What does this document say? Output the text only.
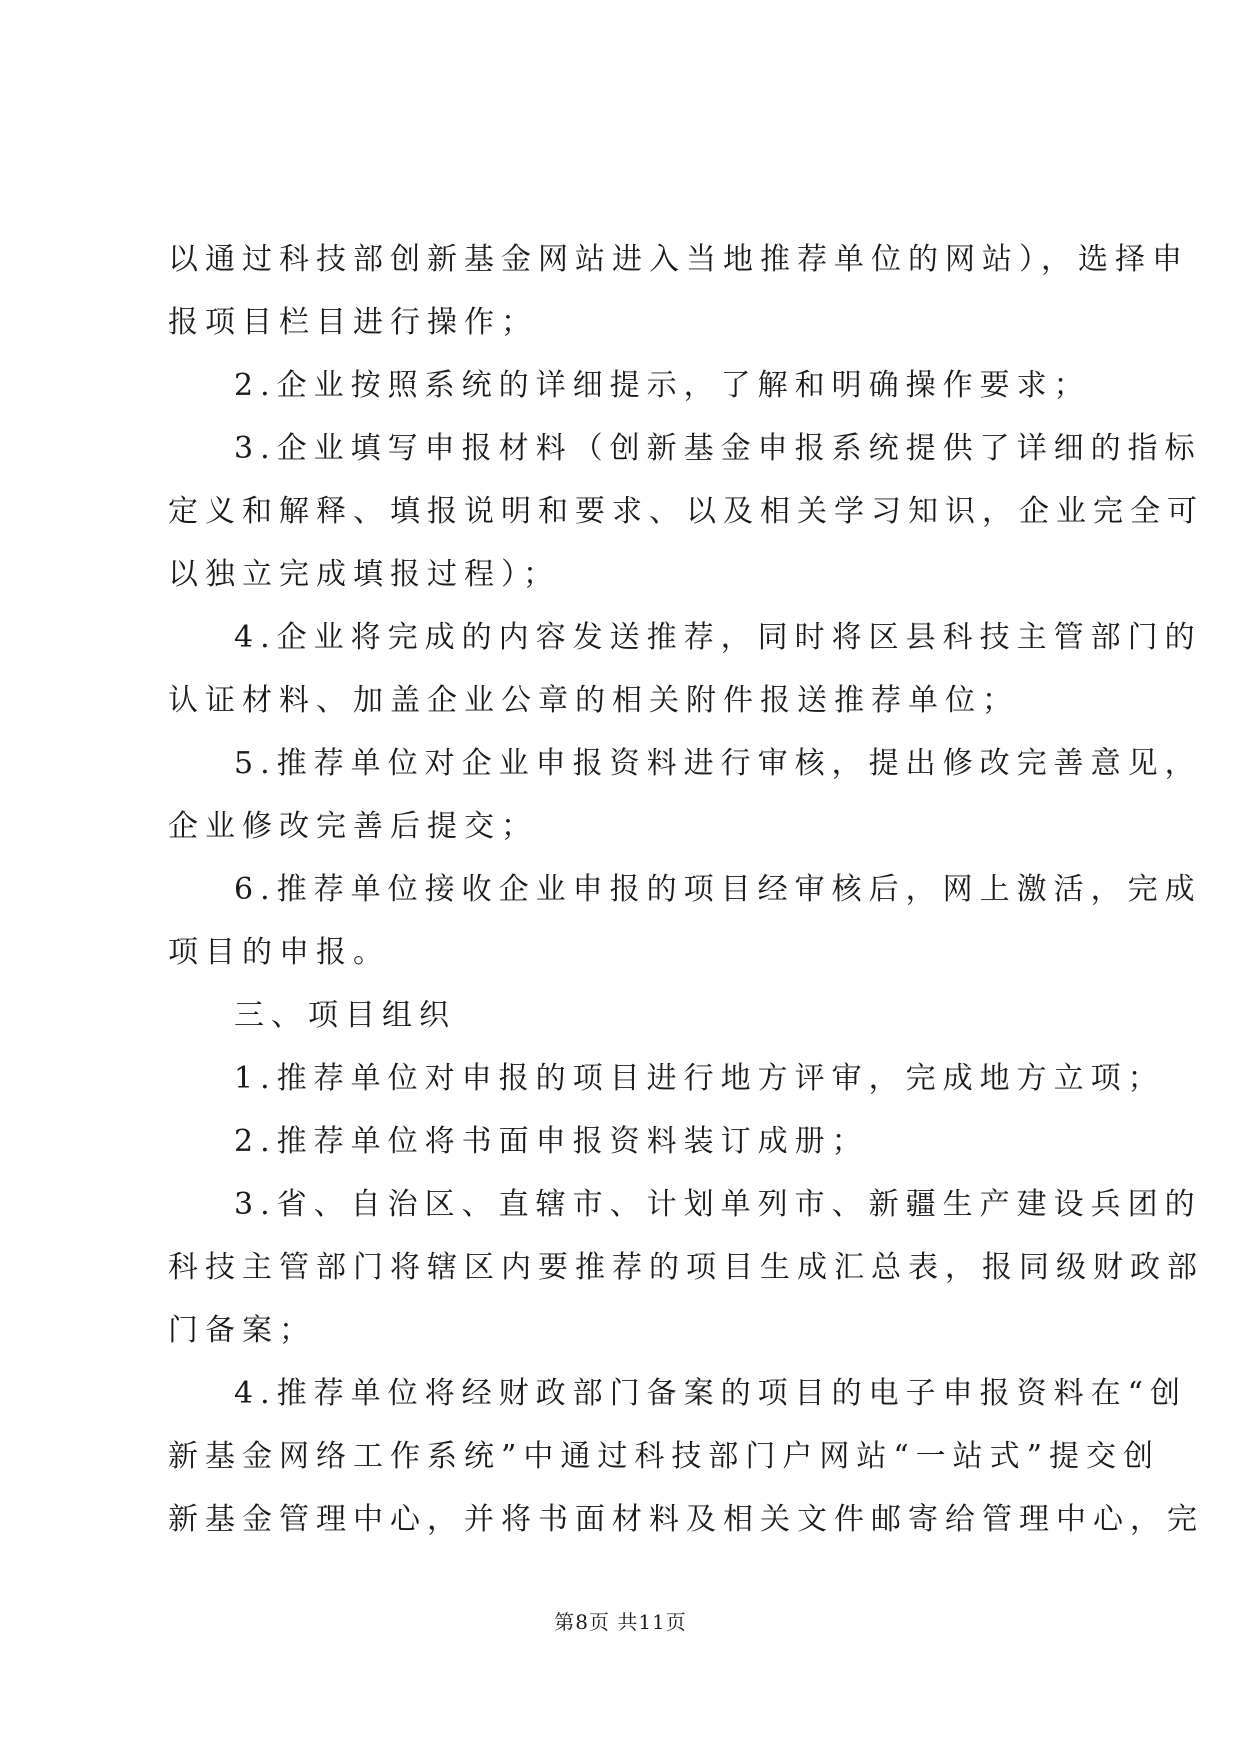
以通过科技部创新基金网站进入当地推荐单位的网站），选择申
报项目栏目进行操作；
2.企业按照系统的详细提示，了解和明确操作要求；
3.企业填写申报材料（创新基金申报系统提供了详细的指标
定义和解释、填报说明和要求、以及相关学习知识，企业完全可
以独立完成填报过程）；
4.企业将完成的内容发送推荐，同时将区县科技主管部门的
认证材料、加盖企业公章的相关附件报送推荐单位；
5.推荐单位对企业申报资料进行审核，提出修改完善意见，
企业修改完善后提交；
6.推荐单位接收企业申报的项目经审核后，网上激活，完成
项目的申报。
三、项目组织
1.推荐单位对申报的项目进行地方评审，完成地方立项；
2.推荐单位将书面申报资料装订成册；
3.省、自治区、直辖市、计划单列市、新疆生产建设兵团的
科技主管部门将辖区内要推荐的项目生成汇总表，报同级财政部
门备案；
4.推荐单位将经财政部门备案的项目的电子申报资料在“创
新基金网络工作系统”中通过科技部门户网站“一站式”提交创
新基金管理中心，并将书面材料及相关文件邮寄给管理中心，完
第8页 共11页
